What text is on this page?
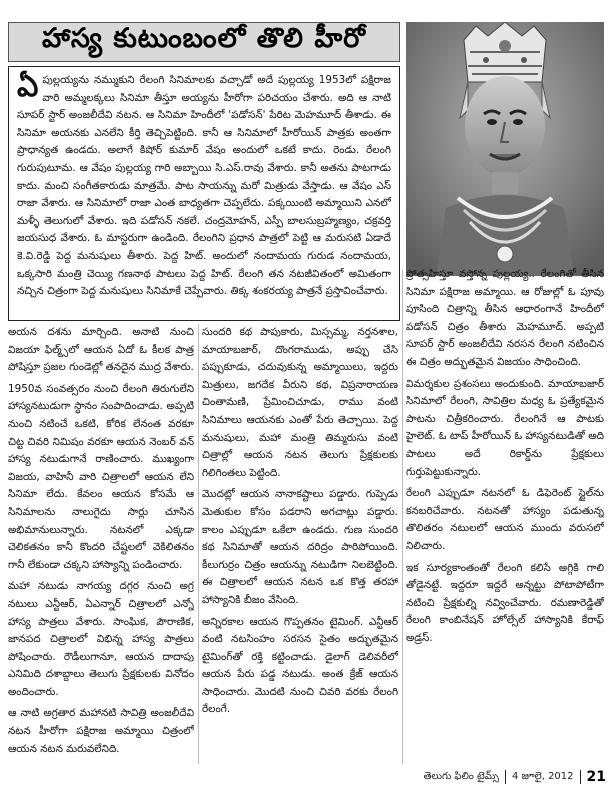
హాస్య కుటుంబంలో తొలి హీరో

ఏపుల్లయ్యను నమ్ముకుని రేలంగి సినిమాలకు వచ్చాడో అదే పుల్లయ్య 1953లో పక్షిరాజ వారి అమ్మలక్కలు సినిమా తీస్తూ అయ్యను హీరోగా పరిచయం చేశారు. అది ఆ నాటి సూపర్ స్టార్ అంజలీదేవి నటన. ఆ సినిమా హిందీలో 'పడోసన్' పేరిట మెహమూద్ తీశాడు. ఈ సినిమా అయనకు ఎనలేని కీర్తి తెచ్చిపెట్టింది. కానీ ఆ సినిమాలో హీరోయిన్ పాత్రకు అంతగా ప్రాధాన్యత ఉండదు. అలాగే కిషోర్ కుమార్ వేషం అందులో ఒకటే కాదు. రెండు. రేలంగి గురుపుటూమ. ఆ వేషం పుల్లయ్య గారి అబ్బాయి సి.ఎస్.రావు వేశారు. కానీ అతను పాటగాడు కాదు. మంచి సంగీతకారుడు మాత్రమే. పాట సాయన్ను మరో మిత్రుడు వేస్తాడు. ఆ వేషం ఎస్ రాజా వేశారు. ఆ సినిమాలో రాజా ఎంత బాధ్యతగా చెప్పలేదు. పక్కయింటి అమ్మాయిని ఎనలో మళ్ళీ తెలుగులో వేశారు. ఇది పడోసన్ నకలే. చంద్రమోహన్, ఎస్పీ బాలసుబ్రహ్మణ్యం, చక్రవర్తి జయసుధ వేశారు. ఓ మాస్టరుగా ఉండింది. రేలంగిని ప్రధాన పాత్రలో పెట్టి ఆ మరుసటి ఏడాదే కె.వి.రెడ్డి పెద్ద మనుషులు తీశారు. పెద్ద హిట్. అందులో నందామయ గురుడ నందామయ, ఒక్కసారి మంత్రి చెయ్యి గణనాథ పాటలు పెద్ద హిట్. రేలంగి తన నటజీవితంలో అమితంగా నచ్చిన చిత్రంగా పెద్ద మనుషులు సినిమాకే చెప్పేవారు. తిక్క శంకరయ్య పాత్రనే ప్రస్తావించేవారు.

అయన దశను మార్చింది. అనాటి నుంచి విజయా ఫిల్మ్స్‌లో ఆయన ఏదో ఓ కీలక పాత్ర పోషిస్తూ ప్రజల గుండెల్లో తనదైన ముద్ర వేశారు.

1950వ సంవత్సరం నుంచి రేలంగి తిరుగులేని హాస్యనటుడుగా స్థానం సంపాదించాడు. అప్పటి నుంచి నటించే ఒకటి, కోరిక లేనంత వరకూ చిట్ట చివరి నిమిషం వరకూ ఆయన నెంబర్ వన్ హాస్య నటుడుగానే రాణించారు. ముఖ్యంగా విజయ, వాహినీ వారి చిత్రాలలో ఆయన లేని సినిమా లేదు. కేవలం ఆయన కోసమే ఆ సినిమాలను నాలుగైదు సార్లు చూసిన అభిమానులున్నారు. నటనలో ఎక్కడా చెలికతనం కానీ కొందరి చేష్టలలో వెకిలితనం గానీ లేకుండా చక్కని హాస్యాన్ని పండించారు.

మహా నటుడు నాగయ్య దగ్గర నుంచి అగ్ర నటులు ఎన్టీఆర్, ఏఎన్నార్ చిత్రాలలో ఎన్నో హాస్య పాత్రలు వేశారు. సాంఘిక, పౌరాణిక, జానపద చిత్రాలలో విభిన్న హాస్య పాత్రలు పోషించారు. రౌడీలుగానూ, ఆయన దాదాపు ఎనిమిది దశాబ్దాలు తెలుగు ప్రేక్షకులకు వినోదం అందించారు.

ఆ నాటి అగ్రతార మహానటి సావిత్రి అంజలీదేవి నటన హీరోగా పక్షిరాజ అమ్మాయి చిత్రంలో ఆయన నటన మరువలేనిది.

సుందరి కథ పాపుకారు, మిస్సమ్మ, నర్తనశాల, మాయాబజార్, దొంగరాముడు, అప్పు చేసి పప్పుకూడు, చదువుకున్న అమ్మాయిలు, ఇద్దరు మిత్రులు, జగదేక వీరుని కథ, విప్రనారాయణ చింతామణి, ప్రేమించిచూడు, రాము వంటి సినిమాలు ఆయనకు ఎంతో పేరు తెచ్చాయి. పెద్ద మనుషులు, మహా మంత్రి తిమ్మరుసు వంటి చిత్రాల్లో ఆయన నటన తెలుగు ప్రేక్షకులకు గిలిగింతలు పెట్టింది.

మొదట్లో ఆయన నానాకష్టాలు పడ్డారు. గుప్పెడు మెతుకుల కోసం పడరాని అగచాట్లు పడ్డారు. కాలం ఎప్పుడూ ఒకేలా ఉండదు. గుణ సుందరి కథ సినిమాతో ఆయన దరిద్రం పారిపోయింది. కీలుగుర్రం చిత్రం ఆయన్ను నటుడిగా నిలబెట్టింది. ఈ చిత్రాలలో ఆయన నటన ఒక కొత్త తరహా హాస్యానికి బీజం వేసింది.

అన్నిరకాల ఆయన గొప్పతనం టైమింగ్. ఎన్టీఆర్ వంటి నటసింహం సరసన సైతం అద్భుతమైన టైమింగ్‌తో రక్తి కట్టించాడు. డైలాగ్ డెలివరీలో ఆయన పేరు పడ్డ నటుడు. అంత క్రేజ్ ఆయన సాధించారు. మొదటి నుంచి చివరి వరకు రేలంగి రేలంగే.

ప్రోత్సహిస్తూ వస్తోన్న పుల్లయ్య.. రేలంగితో తీసిన సినిమా పక్షిరాజ అమ్మాయి. ఆ రోజుల్లో ఓ పూవు పూసింది చిత్రాన్ని తీసిన ఆధారంగానే హిందీలో పడోసన్ చిత్రం తీశారు మెహమూద్. అప్పటి సూపర్ స్టార్ అంజలీదేవి నరసన రేలంగి నటించిన ఈ చిత్రం అద్భుతమైన విజయం సాధించింది.

విమర్శకుల ప్రశంసలు అందుకుంది. మాయాబజార్ సినిమాలో రేలంగి, సావిత్రిల మధ్య ఓ ప్రత్యేకమైన పాటను చిత్రీకరించారు. రేలంగినే ఆ పాటకు హైలెట్. ఓ టాప్ హీరోయిన్ ఓ హాస్యనటుడితో అది పాటలు అదే రికార్డ్‌ను ప్రేక్షకులు గుర్తుపెట్టుకున్నారు.

రేలంగి ఎప్పుడూ నటనలో ఓ డిఫెరెంట్ స్టైల్‌ను కనబరిచేవారు. నటనతో హాస్యం పడుతున్న తొలితరం నటులలో ఆయన ముందు వరుసలో నిలిచారు.

ఇక సూర్యకాంతంతో రేలంగి కలిసే అగ్గికి గాలి తోడైనట్టే. ఇద్దరూ ఇద్దరే అన్నట్టు పోటాపోటీగా నటించి ప్రేక్షకుల్ని నవ్వించేవారు. రమణారెడ్డితో రేలంగి కాంబినేషన్ హోల్సేల్ హాస్యానికి కేరాఫ్ అడ్రస్.

తెలుగు ఫిలిం టైమ్స్ 4 జూలై, 2012 21
